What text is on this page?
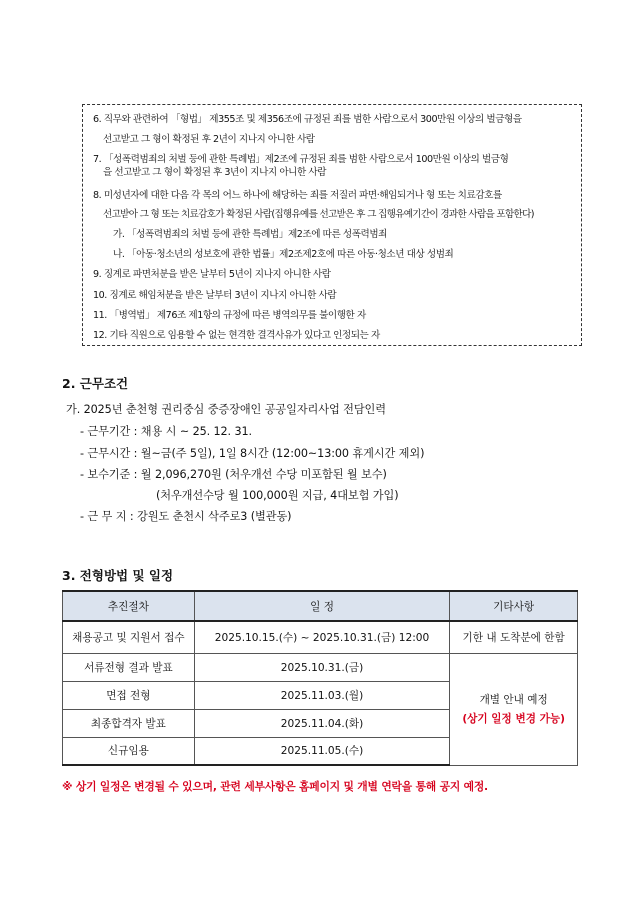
6. 직무와 관련하여 「형법」 제355조 및 제356조에 규정된 죄를 범한 사람으로서 300만원 이상의 벌금형을
선고받고 그 형이 확정된 후 2년이 지나지 아니한 사람
7. 「성폭력범죄의 처벌 등에 관한 특례법」제2조에 규정된 죄를 범한 사람으로서 100만원 이상의 벌금형
을 선고받고 그 형이 확정된 후 3년이 지나지 아니한 사람
8. 미성년자에 대한 다음 각 목의 어느 하나에 해당하는 죄를 저질러 파면·해임되거나 형 또는 치료감호를
선고받아 그 형 또는 치료감호가 확정된 사람(집행유예를 선고받은 후 그 집행유예기간이 경과한 사람을 포함한다)
가. 「성폭력범죄의 처벌 등에 관한 특례법」제2조에 따른 성폭력범죄
나. 「아동·청소년의 성보호에 관한 법률」제2조제2호에 따른 아동·청소년 대상 성범죄
9. 징계로 파면처분을 받은 날부터 5년이 지나지 아니한 사람
10. 징계로 해임처분을 받은 날부터 3년이 지나지 아니한 사람
11. 「병역법」 제76조 제1항의 규정에 따른 병역의무를 불이행한 자
12. 기타 직원으로 임용할 수 없는 현격한 결격사유가 있다고 인정되는 자
2. 근무조건
가. 2025년 춘천형 권리중심 중증장애인 공공일자리사업 전담인력
- 근무기간 : 채용 시 ~ 25. 12. 31.
- 근무시간 : 월~금(주 5일), 1일 8시간 (12:00~13:00 휴게시간 제외)
- 보수기준 : 월 2,096,270원 (처우개선 수당 미포함된 월 보수)
(처우개선수당 월 100,000원 지급, 4대보험 가입)
- 근 무 지 : 강원도 춘천시 삭주로3 (별관동)
3. 전형방법 및 일정
추진절차	일 정	기타사항
채용공고 및 지원서 접수	2025.10.15.(수) ~ 2025.10.31.(금) 12:00	기한 내 도착분에 한함
서류전형 결과 발표	2025.10.31.(금)	개별 안내 예정
(상기 일정 변경 가능)

면접 전형	2025.11.03.(월)	
최종합격자 발표	2025.11.04.(화)	
신규임용	2025.11.05.(수)	
※ 상기 일정은 변경될 수 있으며, 관련 세부사항은 홈페이지 및 개별 연락을 통해 공지 예정.
